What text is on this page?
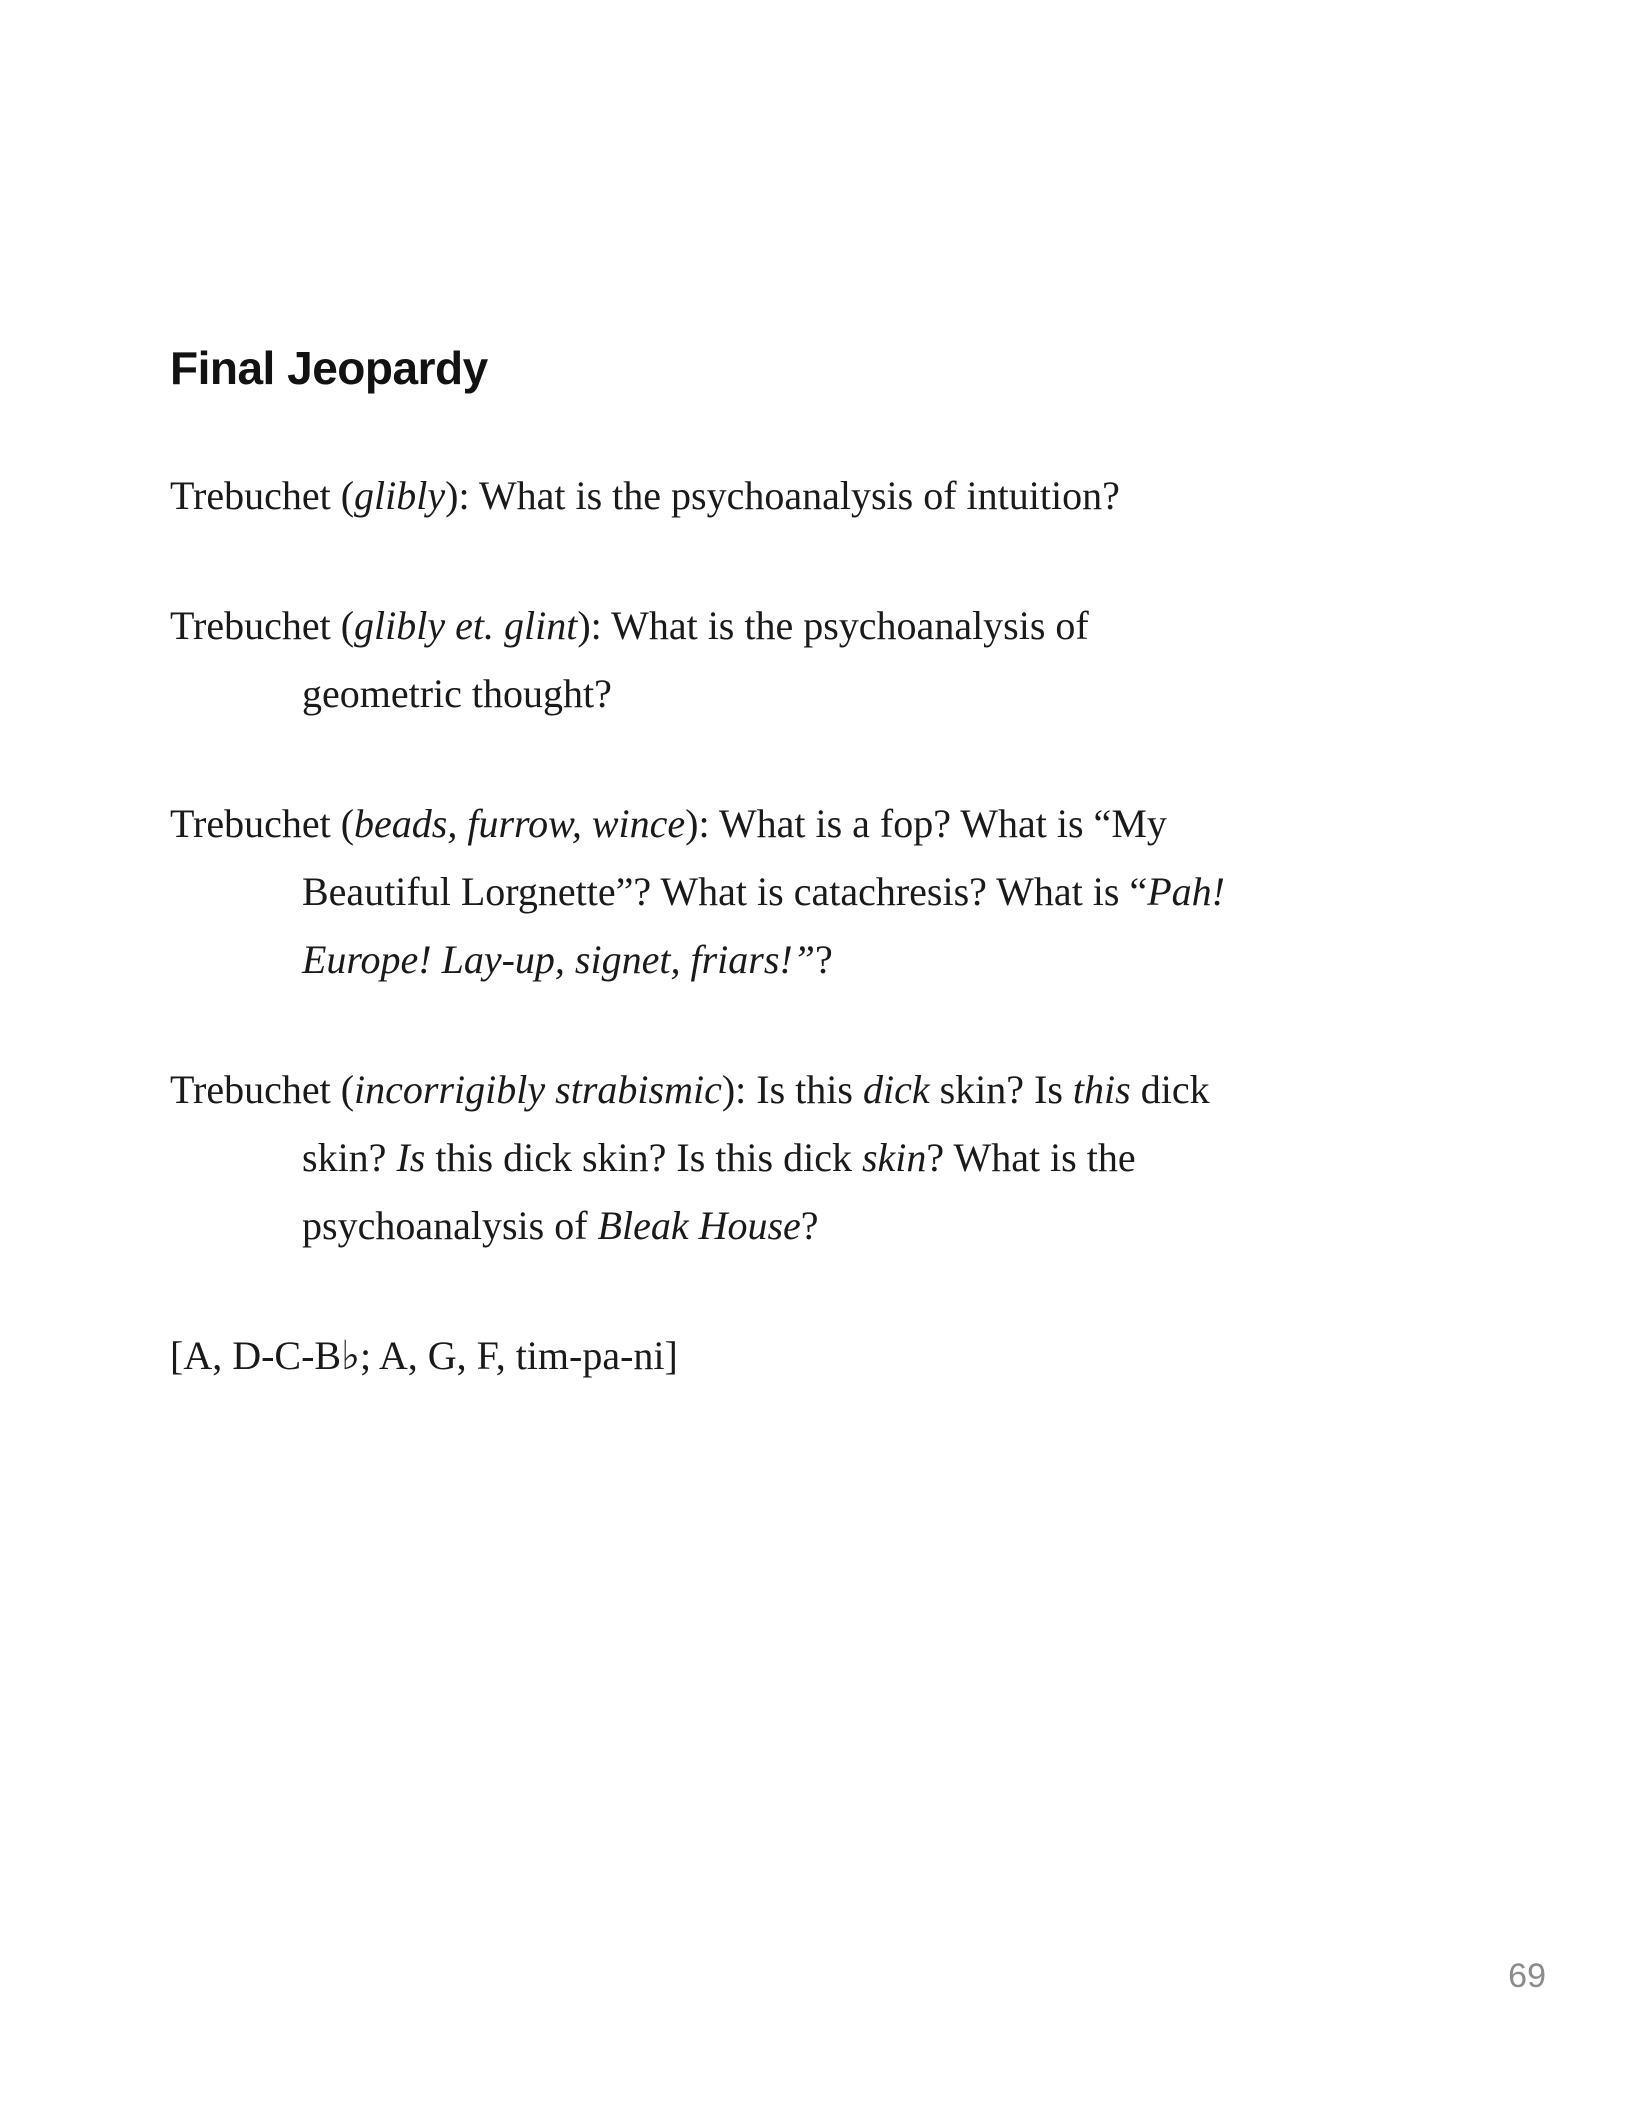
Final Jeopardy
Trebuchet (glibly): What is the psychoanalysis of intuition?
Trebuchet (glibly et. glint): What is the psychoanalysis of
geometric thought?
Trebuchet (beads, furrow, wince): What is a fop? What is “My
Beautiful Lorgnette”? What is catachresis? What is “Pah!
Europe! Lay-up, signet, friars!”?
Trebuchet (incorrigibly strabismic): Is this dick skin? Is this dick
skin? Is this dick skin? Is this dick skin? What is the
psychoanalysis of Bleak House?
[A, D-C-B♭; A, G, F, tim-pa-ni]
69
